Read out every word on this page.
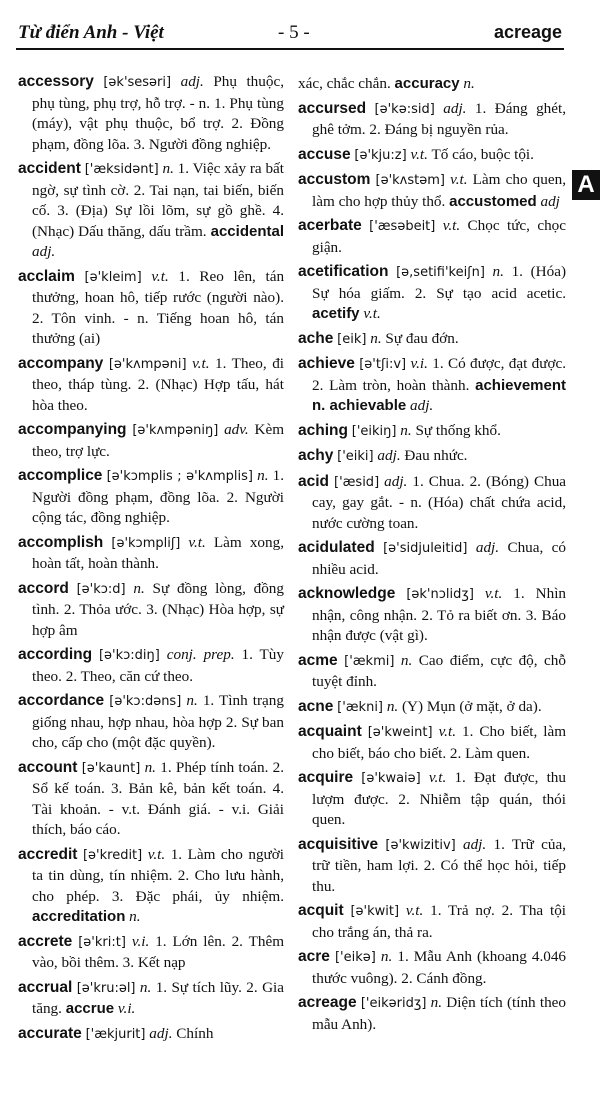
Từ điển Anh - Việt	- 5 -	acreage
A
accessory [ək'sesəri] adj. Phụ thuộc, phụ tùng, phụ trợ, hỗ trợ. - n. 1. Phụ tùng (máy), vật phụ thuộc, bổ trợ. 2. Đồng phạm, đồng lõa. 3. Người đồng nghiệp.
accident ['æksidənt] n. 1. Việc xảy ra bất ngờ, sự tình cờ. 2. Tai nạn, tai biến, biến cố. 3. (Địa) Sự lồi lõm, sự gồ ghề. 4. (Nhạc) Dấu thăng, dấu trầm. accidental adj.
acclaim [ə'kleim] v.t. 1. Reo lên, tán thưởng, hoan hô, tiếp rước (người nào). 2. Tôn vinh. - n. Tiếng hoan hô, tán thưởng (ai)
accompany [ə'kʌmpəni] v.t. 1. Theo, đi theo, tháp tùng. 2. (Nhạc) Hợp tấu, hát hòa theo.
accompanying [ə'kʌmpəniŋ] adv. Kèm theo, trợ lực.
accomplice [ə'kɔmplis ; ə'kʌmplis] n. 1. Người đồng phạm, đồng lõa. 2. Người cộng tác, đồng nghiệp.
accomplish [ə'kɔmpliʃ] v.t. Làm xong, hoàn tất, hoàn thành.
accord [ə'kɔ:d] n. Sự đồng lòng, đồng tình. 2. Thỏa ước. 3. (Nhạc) Hòa hợp, sự hợp âm
according [ə'kɔ:diŋ] conj. prep. 1. Tùy theo. 2. Theo, căn cứ theo.
accordance [ə'kɔ:dəns] n. 1. Tình trạng giống nhau, hợp nhau, hòa hợp 2. Sự ban cho, cấp cho (một đặc quyền).
account [ə'kaunt] n. 1. Phép tính toán. 2. Sổ kế toán. 3. Bản kê, bản kết toán. 4. Tài khoản. - v.t. Đánh giá. - v.i. Giải thích, báo cáo.
accredit [ə'kredit] v.t. 1. Làm cho người ta tin dùng, tín nhiệm. 2. Cho lưu hành, cho phép. 3. Đặc phái, ủy nhiệm. accreditation n.
accrete [ə'kri:t] v.i. 1. Lớn lên. 2. Thêm vào, bồi thêm. 3. Kết nạp
accrual [ə'kru:əl] n. 1. Sự tích lũy. 2. Gia tăng. accrue v.i.
accurate ['ækjurit] adj. Chính
xác, chắc chắn. accuracy n.
accursed [ə'kə:sid] adj. 1. Đáng ghét, ghê tởm. 2. Đáng bị nguyền rủa.
accuse [ə'kju:z] v.t. Tố cáo, buộc tội.
accustom [ə'kʌstəm] v.t. Làm cho quen, làm cho hợp thủy thổ. accustomed adj
acerbate ['æsəbeit] v.t. Chọc tức, chọc giận.
acetification [ə,setifi'keiʃn] n. 1. (Hóa) Sự hóa giấm. 2. Sự tạo acid acetic. acetify v.t.
ache [eik] n. Sự đau đớn.
achieve [ə'tʃi:v] v.i. 1. Có được, đạt được. 2. Làm tròn, hoàn thành. achievement n. achievable adj.
aching ['eikiŋ] n. Sự thống khổ.
achy ['eiki] adj. Đau nhức.
acid ['æsid] adj. 1. Chua. 2. (Bóng) Chua cay, gay gắt. - n. (Hóa) chất chứa acid, nước cường toan.
acidulated [ə'sidjuleitid] adj. Chua, có nhiều acid.
acknowledge [ək'nɔlidʒ] v.t. 1. Nhìn nhận, công nhận. 2. Tỏ ra biết ơn. 3. Báo nhận được (vật gì).
acme ['ækmi] n. Cao điểm, cực độ, chỗ tuyệt đỉnh.
acne ['ækni] n. (Y) Mụn (ở mặt, ở da).
acquaint [ə'kweint] v.t. 1. Cho biết, làm cho biết, báo cho biết. 2. Làm quen.
acquire [ə'kwaiə] v.t. 1. Đạt được, thu lượm được. 2. Nhiễm tập quán, thói quen.
acquisitive [ə'kwizitiv] adj. 1. Trữ của, trữ tiền, ham lợi. 2. Có thể học hỏi, tiếp thu.
acquit [ə'kwit] v.t. 1. Trả nợ. 2. Tha tội cho trắng án, thả ra.
acre ['eikə] n. 1. Mẫu Anh (khoang 4.046 thước vuông). 2. Cánh đồng.
acreage ['eikəridʒ] n. Diện tích (tính theo mẫu Anh).
